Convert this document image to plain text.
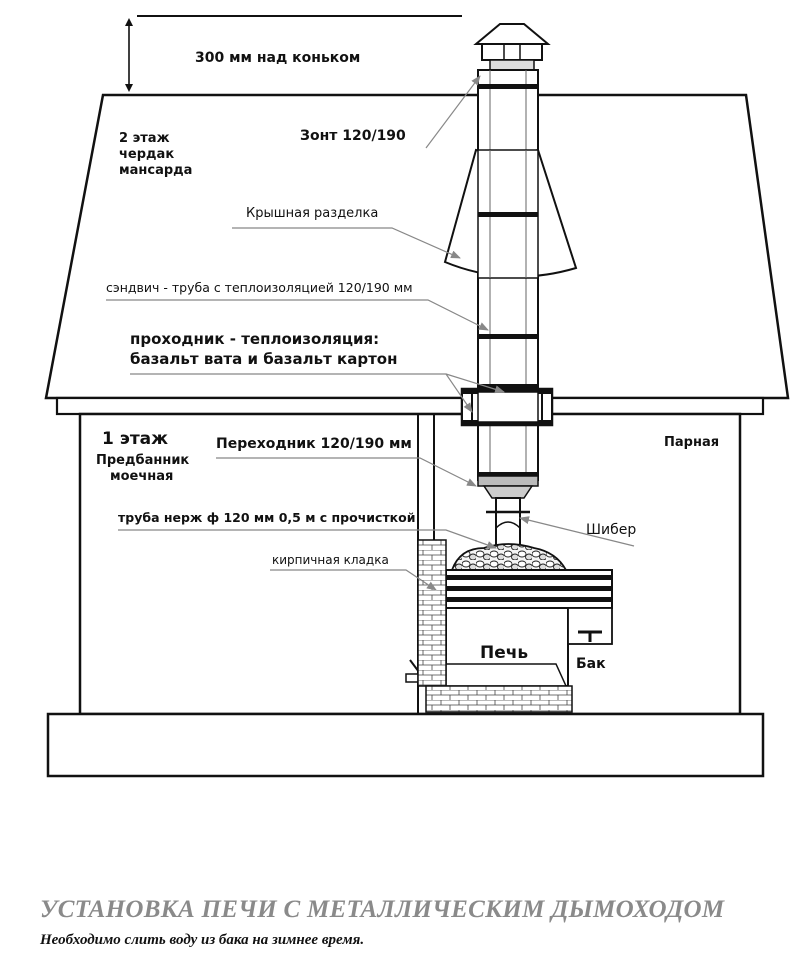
300 мм над коньком
2 этаж
чердак
мансарда
Зонт 120/190
Крышная разделка
сэндвич - труба с теплоизоляцией 120/190 мм
проходник - теплоизоляция:
базальт вата и базальт картон
1 этаж
Предбанник
моечная
Парная
Переходник 120/190 мм
труба нерж ф 120 мм 0,5 м с прочисткой
Шибер
кирпичная кладка
Печь
Бак
УСТАНОВКА ПЕЧИ С МЕТАЛЛИЧЕСКИМ ДЫМОХОДОМ
Необходимо слить воду из бака на зимнее время.
